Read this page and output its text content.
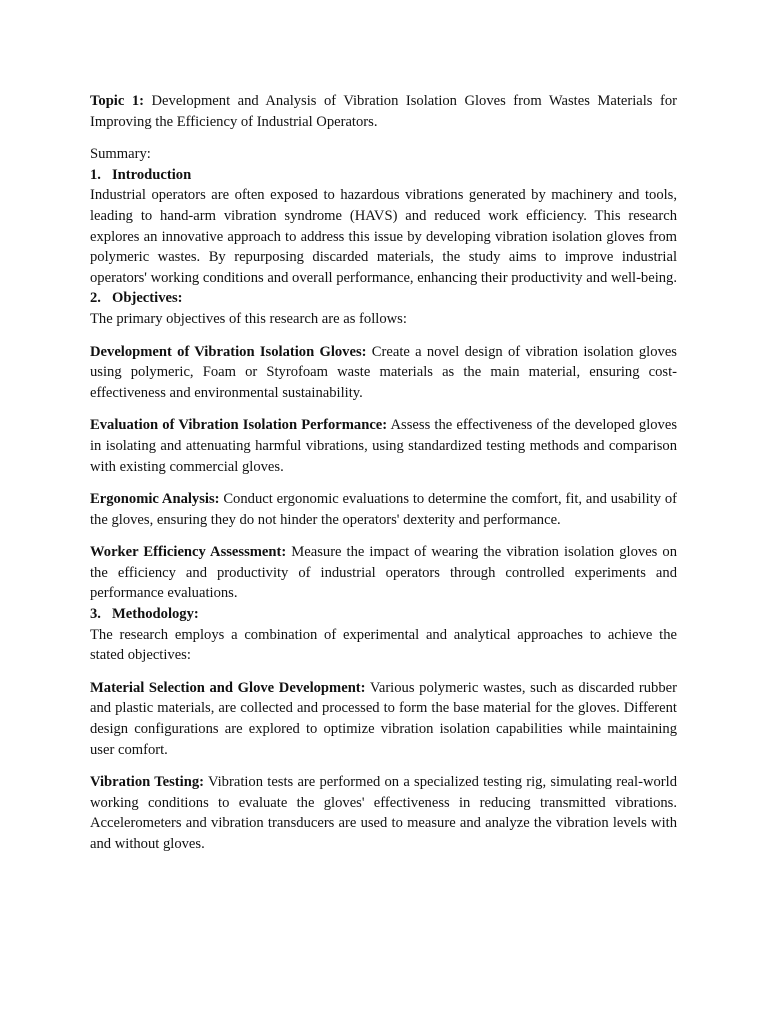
Topic 1: Development and Analysis of Vibration Isolation Gloves from Wastes Materials for Improving the Efficiency of Industrial Operators.

Summary:

1. Introduction

Industrial operators are often exposed to hazardous vibrations generated by machinery and tools, leading to hand-arm vibration syndrome (HAVS) and reduced work efficiency. This research explores an innovative approach to address this issue by developing vibration isolation gloves from polymeric wastes. By repurposing discarded materials, the study aims to improve industrial operators' working conditions and overall performance, enhancing their productivity and well-being.

2. Objectives:

The primary objectives of this research are as follows:

Development of Vibration Isolation Gloves: Create a novel design of vibration isolation gloves using polymeric, Foam or Styrofoam waste materials as the main material, ensuring cost-effectiveness and environmental sustainability.

Evaluation of Vibration Isolation Performance: Assess the effectiveness of the developed gloves in isolating and attenuating harmful vibrations, using standardized testing methods and comparison with existing commercial gloves.

Ergonomic Analysis: Conduct ergonomic evaluations to determine the comfort, fit, and usability of the gloves, ensuring they do not hinder the operators' dexterity and performance.

Worker Efficiency Assessment: Measure the impact of wearing the vibration isolation gloves on the efficiency and productivity of industrial operators through controlled experiments and performance evaluations.

3. Methodology:

The research employs a combination of experimental and analytical approaches to achieve the stated objectives:

Material Selection and Glove Development: Various polymeric wastes, such as discarded rubber and plastic materials, are collected and processed to form the base material for the gloves. Different design configurations are explored to optimize vibration isolation capabilities while maintaining user comfort.

Vibration Testing: Vibration tests are performed on a specialized testing rig, simulating real-world working conditions to evaluate the gloves' effectiveness in reducing transmitted vibrations. Accelerometers and vibration transducers are used to measure and analyze the vibration levels with and without gloves.
